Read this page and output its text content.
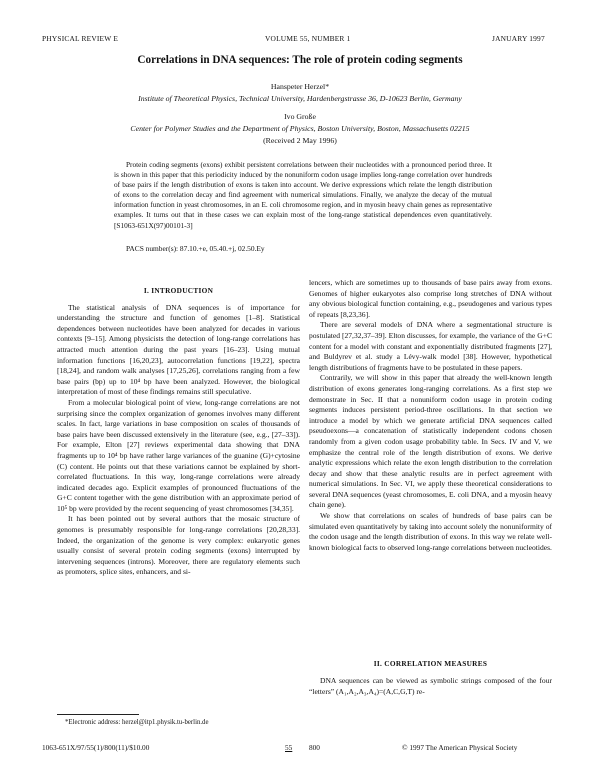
PHYSICAL REVIEW E	VOLUME 55, NUMBER 1	JANUARY 1997
Correlations in DNA sequences: The role of protein coding segments
Hanspeter Herzel*
Institute of Theoretical Physics, Technical University, Hardenbergstrasse 36, D-10623 Berlin, Germany
Ivo Große
Center for Polymer Studies and the Department of Physics, Boston University, Boston, Massachusetts 02215
(Received 2 May 1996)

Protein coding segments (exons) exhibit persistent correlations between their nucleotides with a pronounced period three. It is shown in this paper that this periodicity induced by the nonuniform codon usage implies long-range correlation over hundreds of base pairs if the length distribution of exons is taken into account. We derive expressions which relate the length distribution of exons to the correlation decay and find agreement with numerical simulations. Finally, we analyze the decay of the mutual information function in yeast chromosomes, in an E. coli chromosome region, and in myosin heavy chain genes as representative examples. It turns out that in these cases we can explain most of the long-range statistical dependences even quantitatively. [S1063-651X(97)00101-3]

PACS number(s): 87.10.+e, 05.40.+j, 02.50.Ey
I. INTRODUCTION

The statistical analysis of DNA sequences is of importance for understanding the structure and function of genomes [1–8]. Statistical dependences between nucleotides have been analyzed for decades in various contexts [9–15]. Among physicists the detection of long-range correlations has attracted much attention during the past years [16–23]. Using mutual information functions [16,20,23], autocorrelation functions [19,22], spectra [18,24], and random walk analyses [17,25,26], correlations ranging from a few base pairs (bp) up to 10⁴ bp have been analyzed. However, the biological interpretation of most of these findings remains still speculative.

From a molecular biological point of view, long-range correlations are not surprising since the complex organization of genomes involves many different scales. In fact, large variations in base composition on scales of thousands of base pairs have been discussed extensively in the literature (see, e.g., [27–33]). For example, Elton [27] reviews experimental data showing that DNA fragments up to 10⁴ bp have rather large variances of the guanine (G)+cytosine (C) content. He points out that these variations cannot be explained by short-correlated fluctuations. In this way, long-range correlations were already indicated decades ago. Explicit examples of pronounced fluctuations of the G+C content together with the gene distribution with an approximate period of 10⁵ bp were provided by the recent sequencing of yeast chromosomes [34,35].

It has been pointed out by several authors that the mosaic structure of genomes is presumably responsible for long-range correlations [20,28,33]. Indeed, the organization of the genome is very complex: eukaryotic genes usually consist of several protein coding segments (exons) interrupted by intervening sequences (introns). Moreover, there are regulatory elements such as promoters, splice sites, enhancers, and si-

lencers, which are sometimes up to thousands of base pairs away from exons. Genomes of higher eukaryotes also comprise long stretches of DNA without any obvious biological function containing, e.g., pseudogenes and various types of repeats [8,23,36].

There are several models of DNA where a segmentational structure is postulated [27,32,37–39]. Elton discusses, for example, the variance of the G+C content for a model with constant and exponentially distributed fragments [27], and Buldyrev et al. study a Lévy-walk model [38]. However, hypothetical length distributions of fragments have to be postulated in these papers.

Contrarily, we will show in this paper that already the well-known length distribution of exons generates long-ranging correlations. As a first step we demonstrate in Sec. II that a nonuniform codon usage in protein coding segments induces persistent period-three oscillations. In that section we introduce a model by which we generate artificial DNA sequences called pseudoexons—a concatenation of statistically independent codons chosen randomly from a given codon usage probability table. In Secs. IV and V, we emphasize the central role of the length distribution of exons. We derive analytic expressions which relate the exon length distribution to the correlation decay and show that these analytic results are in perfect agreement with numerical simulations. In Sec. VI, we apply these theoretical considerations to several DNA sequences (yeast chromosomes, E. coli DNA, and a myosin heavy chain gene).

We show that correlations on scales of hundreds of base pairs can be simulated even quantitatively by taking into account solely the nonuniformity of the codon usage and the length distribution of exons. In this way we relate well-known biological facts to observed long-range correlations between nucleotides.

II. CORRELATION MEASURES

DNA sequences can be viewed as symbolic strings composed of the four “letters” (A₁,A₂,A₃,A₄)=(A,C,G,T) re-

*Electronic address: herzel@itp1.physik.tu-berlin.de
1063-651X/97/55(1)/800(11)/$10.00	55 800	© 1997 The American Physical Society
